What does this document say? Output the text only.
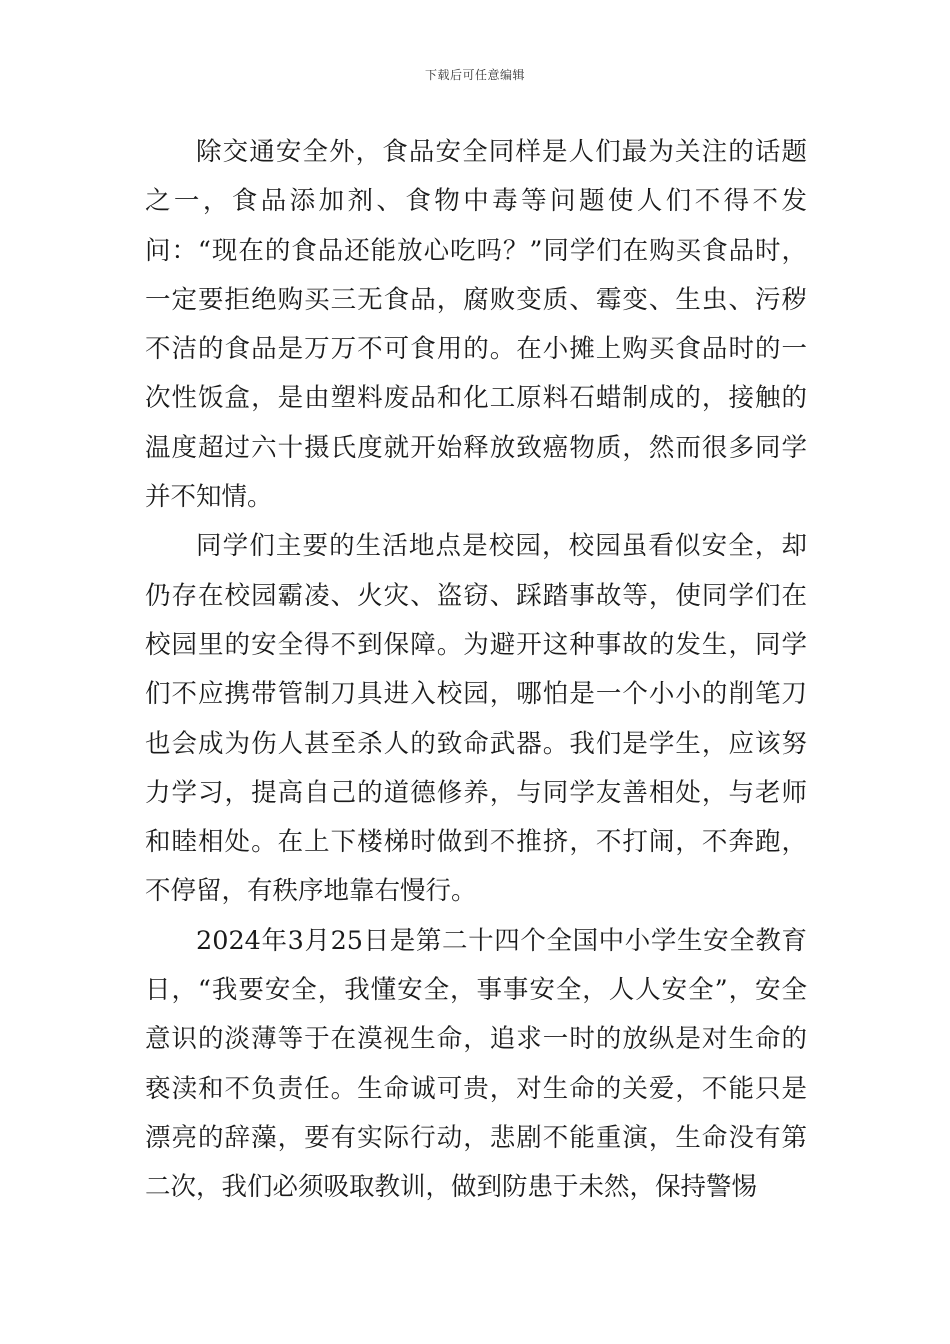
下载后可任意编辑

除交通安全外，食品安全同样是人们最为关注的话题之一，食品添加剂、食物中毒等问题使人们不得不发问：“现在的食品还能放心吃吗？”同学们在购买食品时，一定要拒绝购买三无食品，腐败变质、霉变、生虫、污秽不洁的食品是万万不可食用的。在小摊上购买食品时的一次性饭盒，是由塑料废品和化工原料石蜡制成的，接触的温度超过六十摄氏度就开始释放致癌物质，然而很多同学并不知情。

同学们主要的生活地点是校园，校园虽看似安全，却仍存在校园霸凌、火灾、盗窃、踩踏事故等，使同学们在校园里的安全得不到保障。为避开这种事故的发生，同学们不应携带管制刀具进入校园，哪怕是一个小小的削笔刀也会成为伤人甚至杀人的致命武器。我们是学生，应该努力学习，提高自己的道德修养，与同学友善相处，与老师和睦相处。在上下楼梯时做到不推挤，不打闹，不奔跑，不停留，有秩序地靠右慢行。

2024年3月25日是第二十四个全国中小学生安全教育日，“我要安全，我懂安全，事事安全，人人安全”，安全意识的淡薄等于在漠视生命，追求一时的放纵是对生命的亵渎和不负责任。生命诚可贵，对生命的关爱，不能只是漂亮的辞藻，要有实际行动，悲剧不能重演，生命没有第二次，我们必须吸取教训，做到防患于未然，保持警惕
